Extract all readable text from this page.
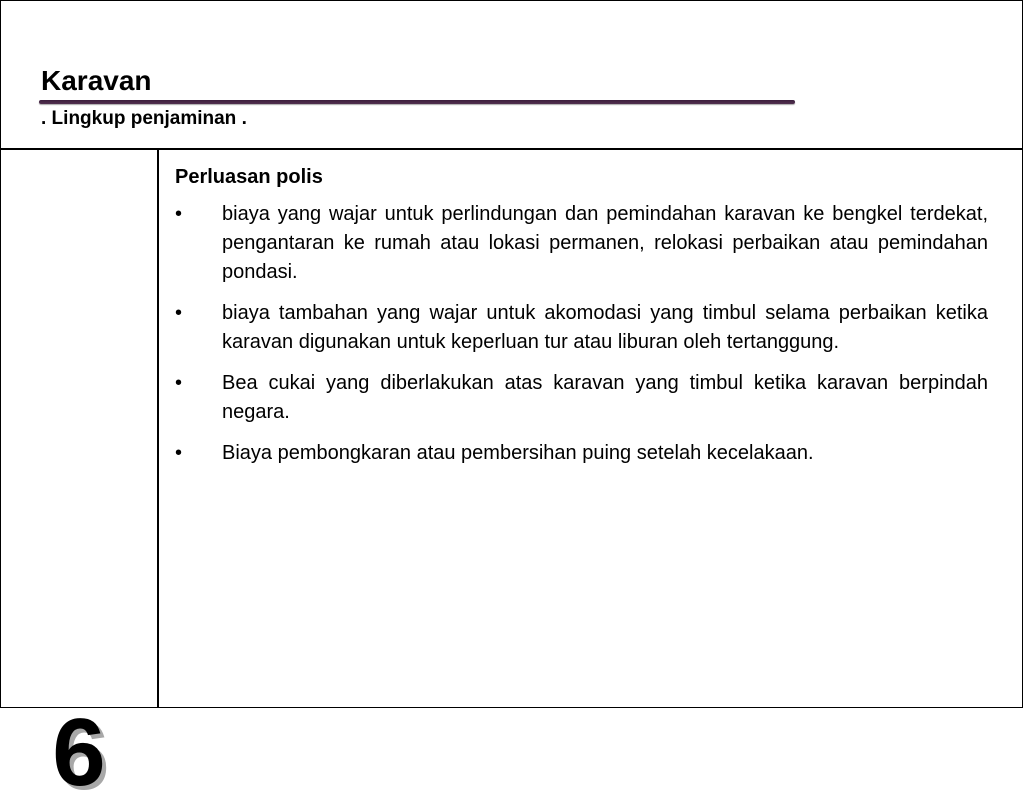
Karavan

. Lingkup penjaminan .

6

Perluasan polis

• biaya yang wajar untuk perlindungan dan pemindahan karavan ke bengkel terdekat, pengantaran ke rumah atau lokasi permanen, relokasi perbaikan atau pemindahan pondasi.
• biaya tambahan yang wajar untuk akomodasi yang timbul selama perbaikan ketika karavan digunakan untuk keperluan tur atau liburan oleh tertanggung.
• Bea cukai yang diberlakukan atas karavan yang timbul ketika karavan berpindah negara.
• Biaya pembongkaran atau pembersihan puing setelah kecelakaan.
